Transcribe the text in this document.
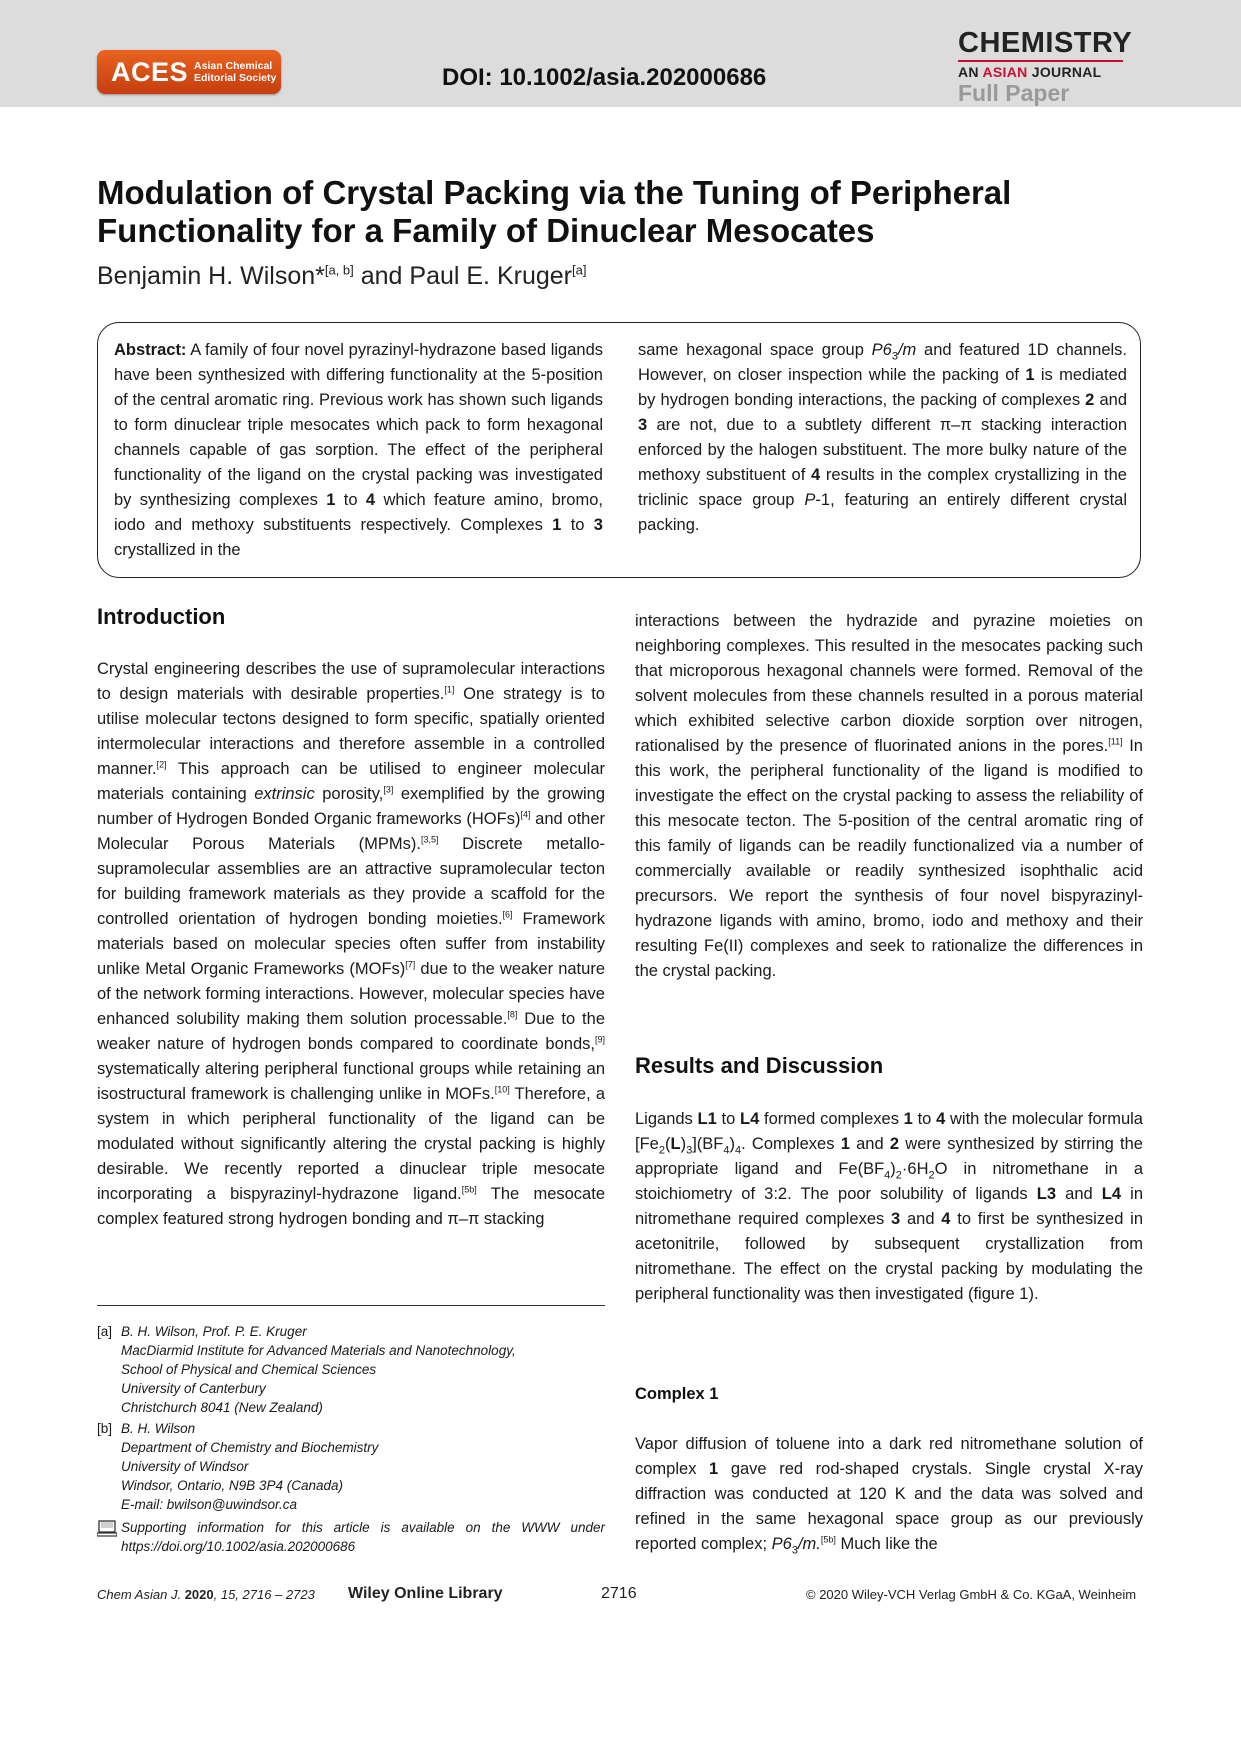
ACES Asian Chemical
Editorial Society	DOI: 10.1002/asia.202000686
CHEMISTRY
AN ASIAN JOURNAL
Full Paper
Modulation of Crystal Packing via the Tuning of Peripheral Functionality for a Family of Dinuclear Mesocates
Benjamin H. Wilson*[a, b] and Paul E. Kruger[a]
Abstract: A family of four novel pyrazinyl-hydrazone based ligands have been synthesized with differing functionality at the 5-position of the central aromatic ring. Previous work has shown such ligands to form dinuclear triple mesocates which pack to form hexagonal channels capable of gas sorption. The effect of the peripheral functionality of the ligand on the crystal packing was investigated by synthesizing complexes 1 to 4 which feature amino, bromo, iodo and methoxy substituents respectively. Complexes 1 to 3 crystallized in the
same hexagonal space group $P6_3/m$ and featured 1D channels. However, on closer inspection while the packing of 1 is mediated by hydrogen bonding interactions, the packing of complexes 2 and 3 are not, due to a subtlety different π–π stacking interaction enforced by the halogen substituent. The more bulky nature of the methoxy substituent of 4 results in the complex crystallizing in the triclinic space group P-1, featuring an entirely different crystal packing.
Introduction

Crystal engineering describes the use of supramolecular interactions to design materials with desirable properties.[1] One strategy is to utilise molecular tectons designed to form specific, spatially oriented intermolecular interactions and therefore assemble in a controlled manner.[2] This approach can be utilised to engineer molecular materials containing extrinsic porosity,[3] exemplified by the growing number of Hydrogen Bonded Organic frameworks (HOFs)[4] and other Molecular Porous Materials (MPMs).[3,5] Discrete metallo-supramolecular assemblies are an attractive supramolecular tecton for building framework materials as they provide a scaffold for the controlled orientation of hydrogen bonding moieties.[6] Framework materials based on molecular species often suffer from instability unlike Metal Organic Frameworks (MOFs)[7] due to the weaker nature of the network forming interactions. However, molecular species have enhanced solubility making them solution processable.[8] Due to the weaker nature of hydrogen bonds compared to coordinate bonds,[9] systematically altering peripheral functional groups while retaining an isostructural framework is challenging unlike in MOFs.[10] Therefore, a system in which peripheral functionality of the ligand can be modulated without significantly altering the crystal packing is highly desirable. We recently reported a dinuclear triple mesocate incorporating a bispyrazinyl-hydrazone ligand.[5b] The mesocate complex featured strong hydrogen bonding and π–π stacking

[a] B. H. Wilson, Prof. P. E. Kruger
MacDiarmid Institute for Advanced Materials and Nanotechnology,
School of Physical and Chemical Sciences
University of Canterbury
Christchurch 8041 (New Zealand)
[b] B. H. Wilson
Department of Chemistry and Biochemistry
University of Windsor
Windsor, Ontario, N9B 3P4 (Canada)
E-mail: bwilson@uwindsor.ca
Supporting information for this article is available on the WWW under https://doi.org/10.1002/asia.202000686

interactions between the hydrazide and pyrazine moieties on neighboring complexes. This resulted in the mesocates packing such that microporous hexagonal channels were formed. Removal of the solvent molecules from these channels resulted in a porous material which exhibited selective carbon dioxide sorption over nitrogen, rationalised by the presence of fluorinated anions in the pores.[11] In this work, the peripheral functionality of the ligand is modified to investigate the effect on the crystal packing to assess the reliability of this mesocate tecton. The 5-position of the central aromatic ring of this family of ligands can be readily functionalized via a number of commercially available or readily synthesized isophthalic acid precursors. We report the synthesis of four novel bispyrazinyl-hydrazone ligands with amino, bromo, iodo and methoxy and their resulting Fe(II) complexes and seek to rationalize the differences in the crystal packing.

Results and Discussion

Ligands L1 to L4 formed complexes 1 to 4 with the molecular formula $[Fe_2(L)_3](BF_4)_4$. Complexes 1 and 2 were synthesized by stirring the appropriate ligand and $Fe(BF_4)_2\cdot 6H_2O$ in nitromethane in a stoichiometry of 3:2. The poor solubility of ligands L3 and L4 in nitromethane required complexes 3 and 4 to first be synthesized in acetonitrile, followed by subsequent crystallization from nitromethane. The effect on the crystal packing by modulating the peripheral functionality was then investigated (figure 1).

Complex 1

Vapor diffusion of toluene into a dark red nitromethane solution of complex 1 gave red rod-shaped crystals. Single crystal X-ray diffraction was conducted at 120 K and the data was solved and refined in the same hexagonal space group as our previously reported complex; $P6_3/m.[5b]$ Much like the

Chem Asian J. 2020, 15, 2716 – 2723 Wiley Online Library	2716	© 2020 Wiley-VCH Verlag GmbH & Co. KGaA, Weinheim
